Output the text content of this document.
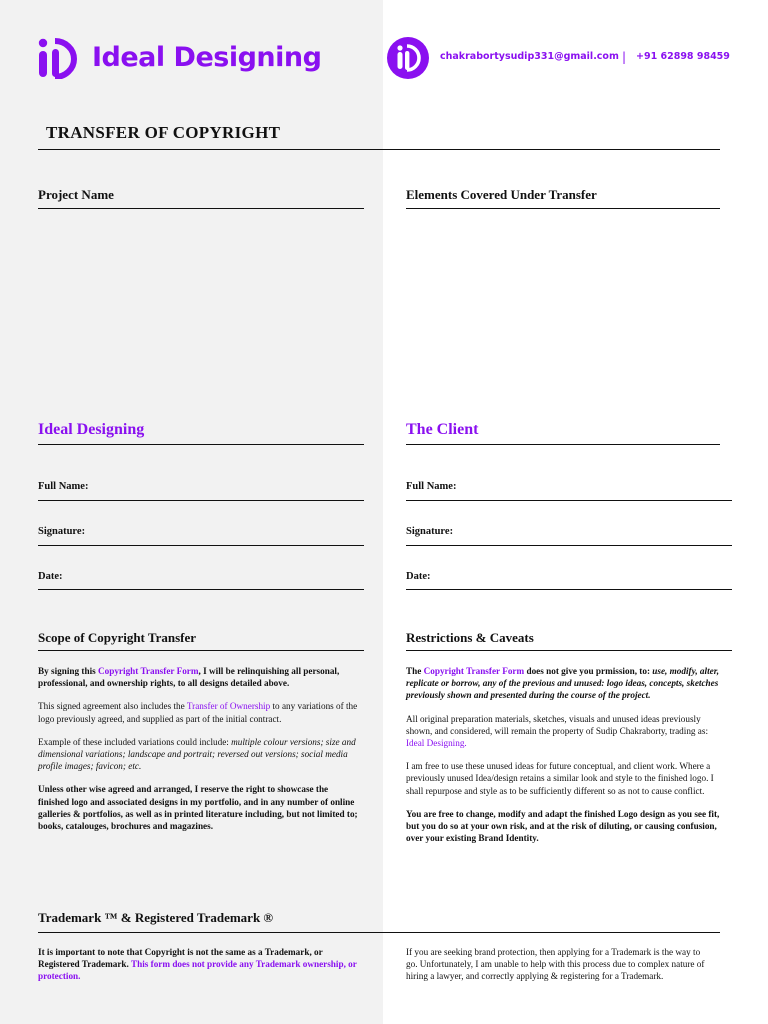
Ideal Designing	chakrabortysudip331@gmail.com | +91 62898 98459
TRANSFER OF COPYRIGHT
Project Name	Elements Covered Under Transfer
Ideal Designing
Full Name:
Signature:
Date:
The Client
Full Name:
Signature:
Date:
Scope of Copyright Transfer

By signing this Copyright Transfer Form, I will be relinquishing all personal, professional, and ownership rights, to all designs detailed above.

This signed agreement also includes the Transfer of Ownership to any variations of the logo previously agreed, and supplied as part of the initial contract.

Example of these included variations could include: multiple colour versions; size and dimensional variations; landscape and portrait; reversed out versions; social media profile images; favicon; etc.

Unless other wise agreed and arranged, I reserve the right to showcase the finished logo and associated designs in my portfolio, and in any number of online galleries & portfolios, as well as in printed literature including, but not limited to; books, catalouges, brochures and magazines.

Restrictions & Caveats

The Copyright Transfer Form does not give you prmission, to: use, modify, alter, replicate or borrow, any of the previous and unused: logo ideas, concepts, sketches previously shown and presented during the course of the project.

All original preparation materials, sketches, visuals and unused ideas previously shown, and considered, will remain the property of Sudip Chakraborty, trading as: Ideal Designing.

I am free to use these unused ideas for future conceptual, and client work. Where a previously unused Idea/design retains a similar look and style to the finished logo. I shall repurpose and style as to be sufficiently different so as not to cause conflict.

You are free to change, modify and adapt the finished Logo design as you see fit, but you do so at your own risk, and at the risk of diluting, or causing confusion, over your existing Brand Identity.

Trademark ™ & Registered Trademark ®
It is important to note that Copyright is not the same as a Trademark, or Registered Trademark. This form does not provide any Trademark ownership, or protection.
If you are seeking brand protection, then applying for a Trademark is the way to go. Unfortunately, I am unable to help with this process due to complex nature of hiring a lawyer, and correctly applying & registering for a Trademark.
